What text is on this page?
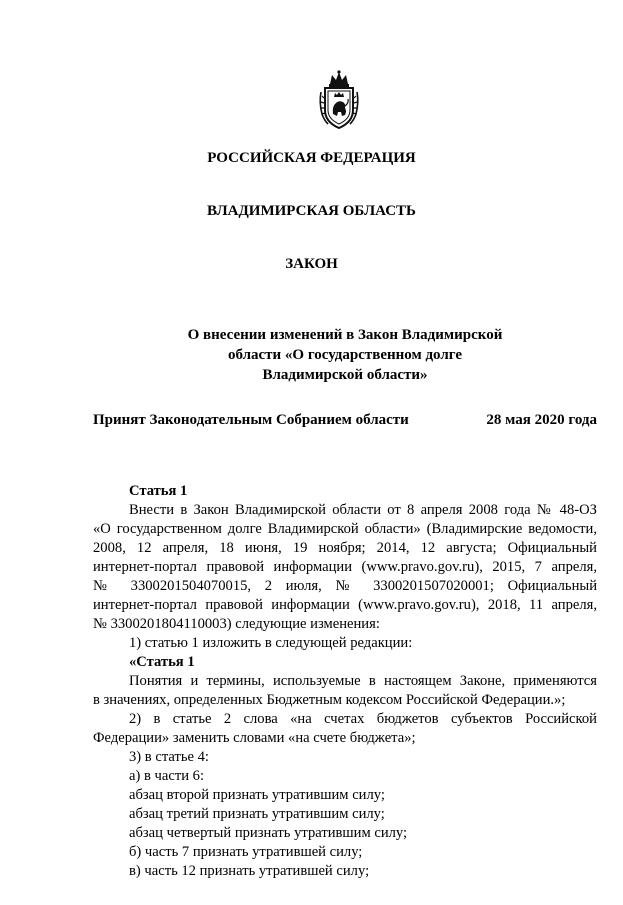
РОССИЙСКАЯ ФЕДЕРАЦИЯ
ВЛАДИМИРСКАЯ ОБЛАСТЬ
ЗАКОН
О внесении изменений в Закон Владимирской
области «О государственном долге
Владимирской области»
Принят Законодательным Собранием области	28 мая 2020 года

Статья 1

Внести в Закон Владимирской области от 8 апреля 2008 года № 48-ОЗ

«О государственном долге Владимирской области» (Владимирские ведомости,

2008, 12 апреля, 18 июня, 19 ноября; 2014, 12 августа; Официальный

интернет-портал правовой информации (www.pravo.gov.ru), 2015, 7 апреля,

№ 3300201504070015, 2 июля, № 3300201507020001; Официальный

интернет-портал правовой информации (www.pravo.gov.ru), 2018, 11 апреля,

№ 3300201804110003) следующие изменения:

1) статью 1 изложить в следующей редакции:

«Статья 1

Понятия и термины, используемые в настоящем Законе, применяются

в значениях, определенных Бюджетным кодексом Российской Федерации.»;

2) в статье 2 слова «на счетах бюджетов субъектов Российской

Федерации» заменить словами «на счете бюджета»;

3) в статье 4:

а) в части 6:

абзац второй признать утратившим силу;

абзац третий признать утратившим силу;

абзац четвертый признать утратившим силу;

б) часть 7 признать утратившей силу;

в) часть 12 признать утратившей силу;
